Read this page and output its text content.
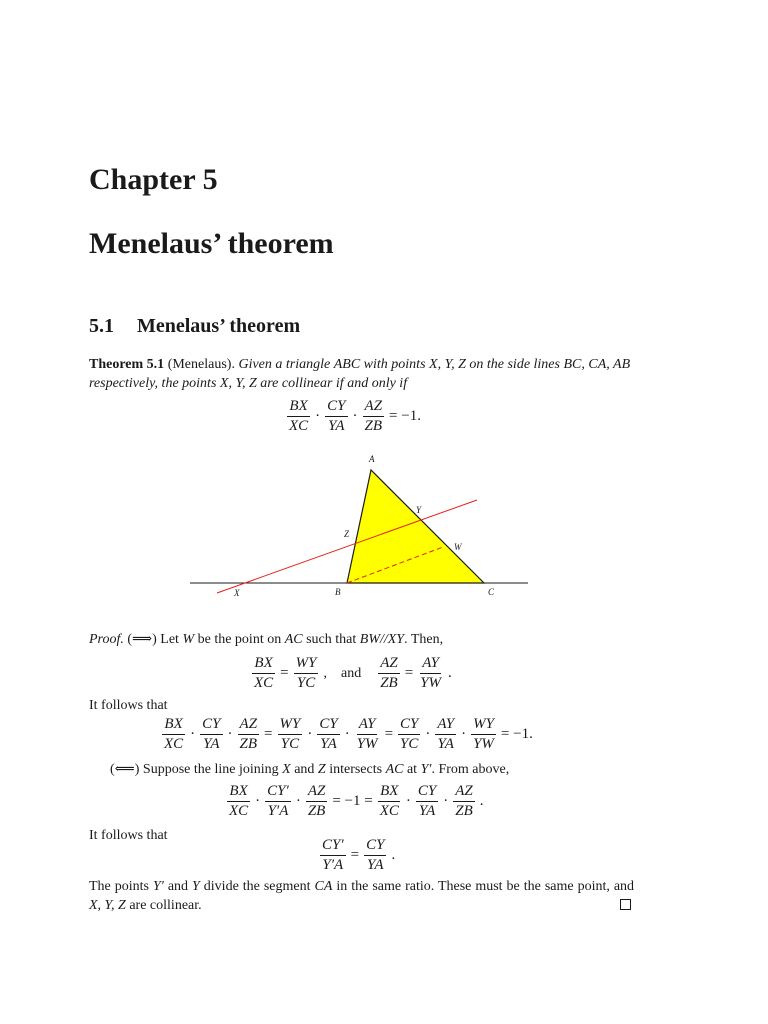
Chapter 5
Menelaus’ theorem
5.1 Menelaus’ theorem
Theorem 5.1 (Menelaus). Given a triangle ABC with points X, Y, Z on the side lines BC, CA, AB respectively, the points X, Y, Z are collinear if and only if
$\frac{BX}{XC} \cdot \frac{CY}{YA} \cdot \frac{AZ}{ZB} = -1$.
A
B	C
X
Y
Z
W
Proof. (⟹) Let W be the point on AC such that BW//XY. Then,
$\frac{BX}{XC} = \frac{WY}{YC}$ ,    and $\frac{AZ}{ZB} = \frac{AY}{YW}$ .
It follows that
$\frac{BX}{XC} \cdot \frac{CY}{YA} \cdot \frac{AZ}{ZB} = \frac{WY}{YC} \cdot \frac{CY}{YA} \cdot \frac{AY}{YW} = \frac{CY}{YC} \cdot \frac{AY}{YA} \cdot \frac{WY}{YW} = -1$.
(⟸) Suppose the line joining X and Z intersects AC at Y′. From above,
$\frac{BX}{XC} \cdot \frac{CY'}{Y'A} \cdot \frac{AZ}{ZB} = -1 = \frac{BX}{XC} \cdot \frac{CY}{YA} \cdot \frac{AZ}{ZB}$ .
It follows that
$\frac{CY'}{Y'A} = \frac{CY}{YA}$ .
The points Y′ and Y divide the segment CA in the same ratio. These must be the same point, and X, Y, Z are collinear.
